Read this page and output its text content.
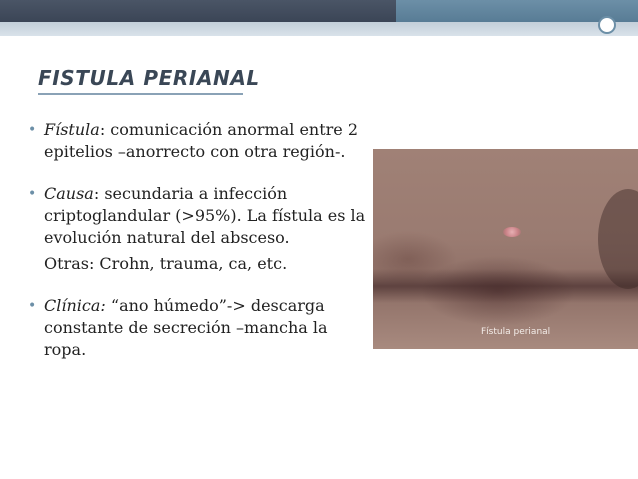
FISTULA PERIANAL
• Fístula: comunicación anormal entre 2 epitelios –anorrecto con otra región-.
• Causa: secundaria a infección criptoglandular (>95%). La fístula es la evolución natural del absceso.
Otras: Crohn, trauma, ca, etc.
• Clínica: “ano húmedo”-> descarga constante de secreción –mancha la ropa.
Fístula perianal
